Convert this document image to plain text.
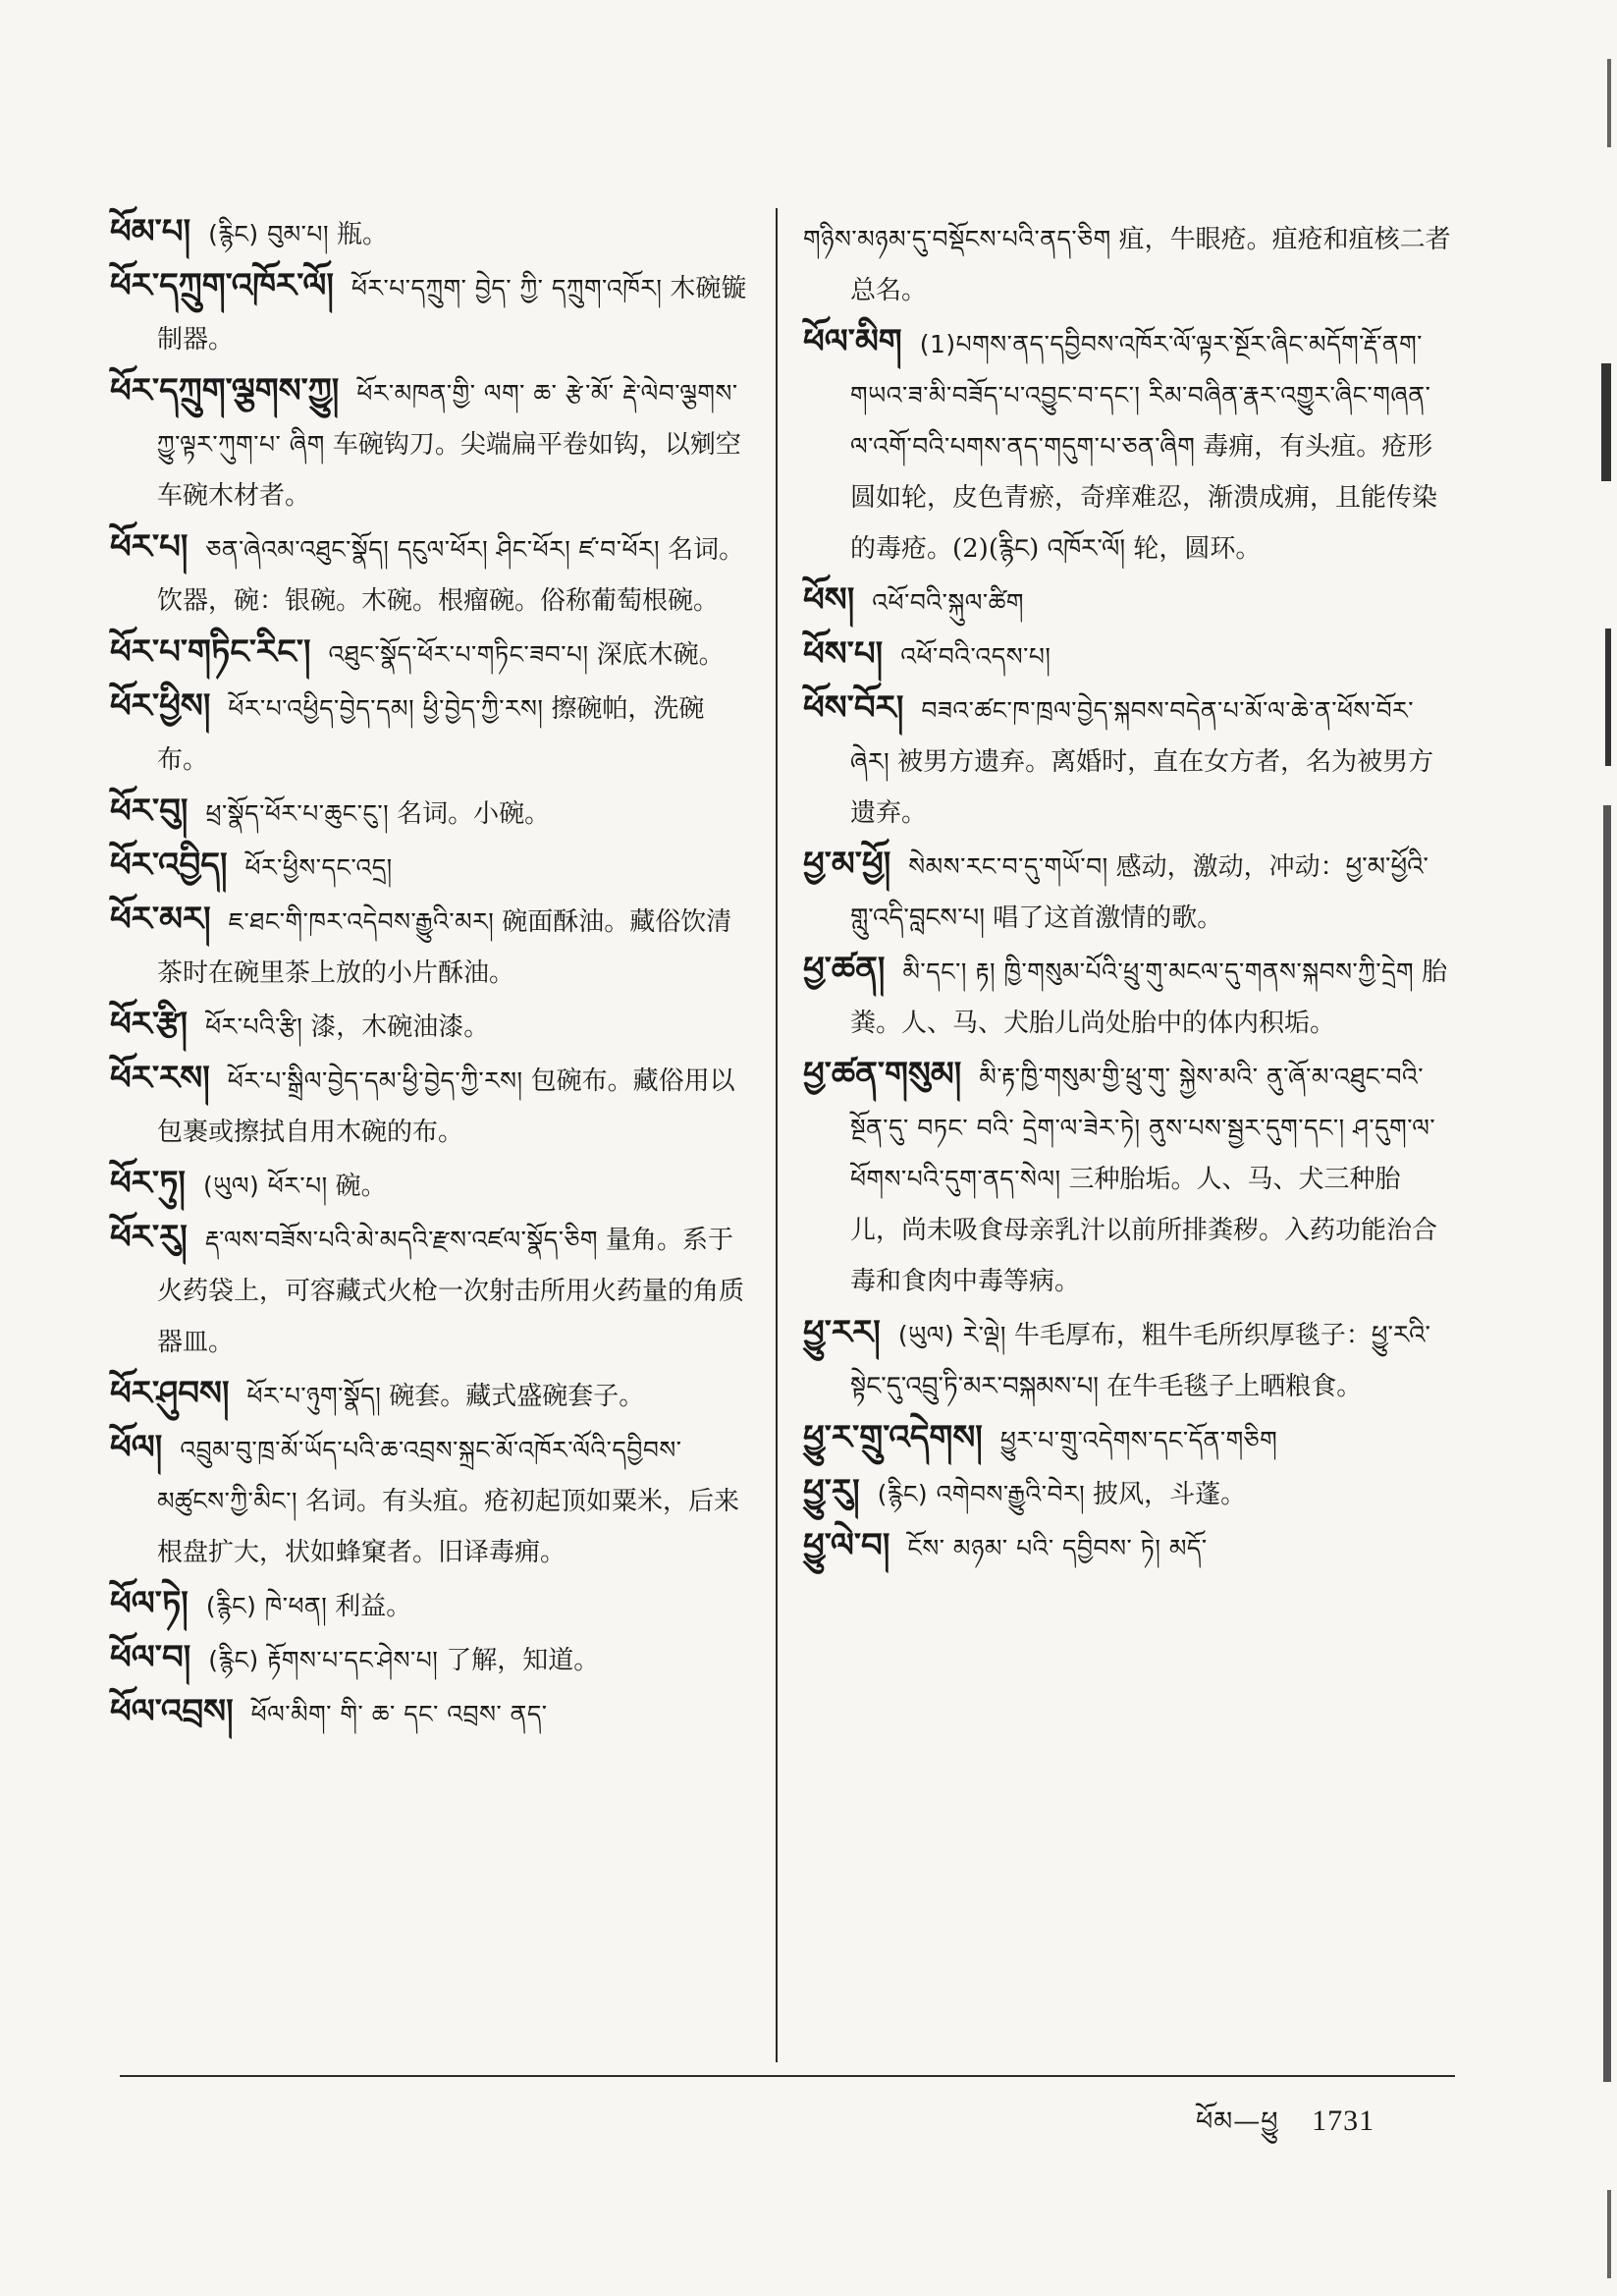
ཕོམ་པ། (རྙིང) བུམ་པ། 瓶。

ཕོར་དཀྲུག་འཁོར་ལོ། ཕོར་པ་དཀྲུག་ བྱེད་ ཀྱི་ དཀྲུག་འཁོར། 木碗镟制器。

ཕོར་དཀྲུག་ལྕགས་ཀྱུ། ཕོར་མཁན་གྱི་ ལག་ ཆ་ རྩེ་མོ་ རྡེ་ལེབ་ལྕགས་ཀྱུ་ལྟར་ཀུག་པ་ ཞིག 车碗钩刀。尖端扁平卷如钩，以剜空车碗木材者。

ཕོར་པ། ཅན་ཞེའམ་འཐུང་སྣོད། དངུལ་ཕོར། ཤིང་ཕོར། ཛ་བ་ཕོར། 名词。饮器，碗：银碗。木碗。根瘤碗。俗称葡萄根碗。

ཕོར་པ་གཏིང་རིང་། འཐུང་སྣོད་ཕོར་པ་གཏིང་ཟབ་པ། 深底木碗。

ཕོར་ཕྱིས། ཕོར་པ་འཕྱིད་བྱེད་དམ། ཕྱི་བྱེད་ཀྱི་རས། 擦碗帕，洗碗布。

ཕོར་བུ། ཕྲ་སྣོད་ཕོར་པ་ཆུང་ངུ་། 名词。小碗。

ཕོར་འབྱིད། ཕོར་ཕྱིས་དང་འདྲ།

ཕོར་མར། ཇ་ཐང་གི་ཁར་འདེབས་རྒྱུའི་མར། 碗面酥油。藏俗饮清茶时在碗里茶上放的小片酥油。

ཕོར་རྩི། ཕོར་པའི་རྩི། 漆，木碗油漆。

ཕོར་རས། ཕོར་པ་སྒྲིལ་བྱེད་དམ་ཕྱི་བྱེད་ཀྱི་རས། 包碗布。藏俗用以包裹或擦拭自用木碗的布。

ཕོར་ཏུ། (ཡུལ) ཕོར་པ། 碗。

ཕོར་རུ། རྡ་ལས་བཟོས་པའི་མེ་མདའི་རྫས་འཛལ་སྣོད་ཅིག 量角。系于火药袋上，可容藏式火枪一次射击所用火药量的角质器皿。

ཕོར་ཤུབས། ཕོར་པ་ཉུག་སྣོད། 碗套。藏式盛碗套子。

ཕོལ། འབྲུམ་བུ་ཁྲ་མོ་ཡོད་པའི་ཆ་འབྲས་སྐྲང་མོ་འཁོར་ལོའི་དབྱིབས་མཚུངས་ཀྱི་མིང་། 名词。有头疽。疮初起顶如粟米，后来根盘扩大，状如蜂窠者。旧译毒痈。

ཕོལ་ཏེ། (རྙིང) ཁེ་ཕན། 利益。

ཕོལ་བ། (རྙིང) རྟོགས་པ་དང་ཤེས་པ། 了解，知道。

ཕོལ་འབྲས། ཕོལ་མིག་ གི་ ཆ་ དང་ འབྲས་ ནད་

གཉིས་མཉམ་དུ་བསྡོངས་པའི་ནད་ཅིག 疽，牛眼疮。疽疮和疽核二者总名。

ཕོལ་མིག (1)པགས་ནད་དབྱིབས་འཁོར་ལོ་ལྟར་སྔོར་ཞིང་མདོག་རྡོ་ནག་གཡའ་ཟ་མི་བཟོད་པ་འབྱུང་བ་དང་། རིམ་བཞིན་རྣར་འགྱུར་ཞིང་གཞན་ལ་འགོ་བའི་པགས་ནད་གདུག་པ་ཅན་ཞིག 毒痈，有头疽。疮形圆如轮，皮色青瘀，奇痒难忍，渐溃成痈，且能传染的毒疮。(2)(རྙིང) འཁོར་ལོ། 轮，圆环。

ཕོས། འཕོ་བའི་སྐུལ་ཚིག

ཕོས་པ། འཕོ་བའི་འདས་པ།

ཕོས་བོར། བཟའ་ཚང་ཁ་ཁྲལ་བྱེད་སྐབས་བདེན་པ་མོ་ལ་ཆེ་ན་ཕོས་བོར་ཞེར། 被男方遗弃。离婚时，直在女方者，名为被男方遗弃。

ཕྱ་མ་ཕྱོ། སེམས་རང་བ་དུ་གཡོ་བ། 感动，激动，冲动：ཕྱ་མ་ཕྱོའི་གླུ་འདི་བླངས་པ། 唱了这首激情的歌。

ཕྱ་ཚན། མི་དང་། རྟ། ཁྱི་གསུམ་པོའི་ཕྲུ་གུ་མངལ་དུ་གནས་སྐབས་ཀྱི་དྲེག 胎粪。人、马、犬胎儿尚处胎中的体内积垢。

ཕྱ་ཚན་གསུམ། མི་རྟ་ཁྱི་གསུམ་གྱི་ཕྲུ་གུ་ སྐྱེས་མའི་ ནུ་ཞོ་མ་འཐུང་བའི་སྔོན་དུ་ བཏང་ བའི་ དྲེག་ལ་ཟེར་ཏེ། ནུས་པས་སྦྱར་དུག་དང་། ཤ་དུག་ལ་ཕོགས་པའི་དུག་ནད་སེལ། 三种胎垢。人、马、犬三种胎儿，尚未吸食母亲乳汁以前所排粪秽。入药功能治合毒和食肉中毒等病。

ཕྱུ་རར། (ཡུལ) རེ་ལྡེ། 牛毛厚布，粗牛毛所织厚毯子：ཕྱུ་རའི་སྟེང་དུ་འབྲུ་ཏི་མར་བསྐམས་པ། 在牛毛毯子上晒粮食。

ཕྱུ་ར་གྲུ་འདེགས། ཕྱུར་པ་གྲུ་འདེགས་དང་དོན་གཅིག

ཕྱུ་རུ། (རྙིང) འགེབས་རྒྱུའི་བེར། 披风，斗蓬。

ཕྱུ་ལེ་བ། ངོས་ མཉམ་ པའི་ དབྱིབས་ ཏེ། མདོ་

ཕོམ—ཕྱུ 1731
